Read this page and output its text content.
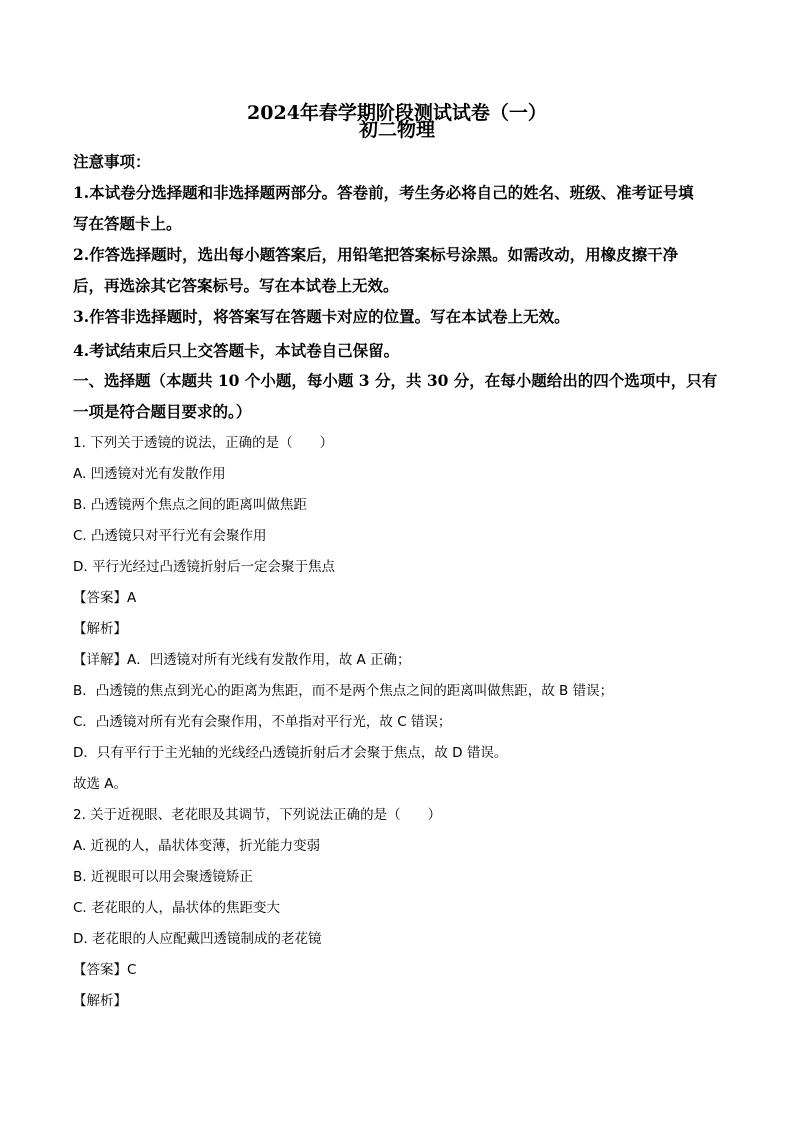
2024年春学期阶段测试试卷（一）
初二物理
注意事项：
1.本试卷分选择题和非选择题两部分。答卷前，考生务必将自己的姓名、班级、准考证号填
写在答题卡上。
2.作答选择题时，选出每小题答案后，用铅笔把答案标号涂黑。如需改动，用橡皮擦干净
后，再选涂其它答案标号。写在本试卷上无效。
3.作答非选择题时，将答案写在答题卡对应的位置。写在本试卷上无效。
4.考试结束后只上交答题卡，本试卷自己保留。
一、选择题（本题共 10 个小题，每小题 3 分，共 30 分，在每小题给出的四个选项中，只有
一项是符合题目要求的。）
1. 下列关于透镜的说法，正确的是（　　）
A. 凹透镜对光有发散作用
B. 凸透镜两个焦点之间的距离叫做焦距
C. 凸透镜只对平行光有会聚作用
D. 平行光经过凸透镜折射后一定会聚于焦点
【答案】A
【解析】
【详解】A．凹透镜对所有光线有发散作用，故 A 正确；
B．凸透镜的焦点到光心的距离为焦距，而不是两个焦点之间的距离叫做焦距，故 B 错误；
C．凸透镜对所有光有会聚作用，不单指对平行光，故 C 错误；
D．只有平行于主光轴的光线经凸透镜折射后才会聚于焦点，故 D 错误。
故选 A。
2. 关于近视眼、老花眼及其调节，下列说法正确的是（　　）
A. 近视的人，晶状体变薄，折光能力变弱
B. 近视眼可以用会聚透镜矫正
C. 老花眼的人，晶状体的焦距变大
D. 老花眼的人应配戴凹透镜制成的老花镜
【答案】C
【解析】
